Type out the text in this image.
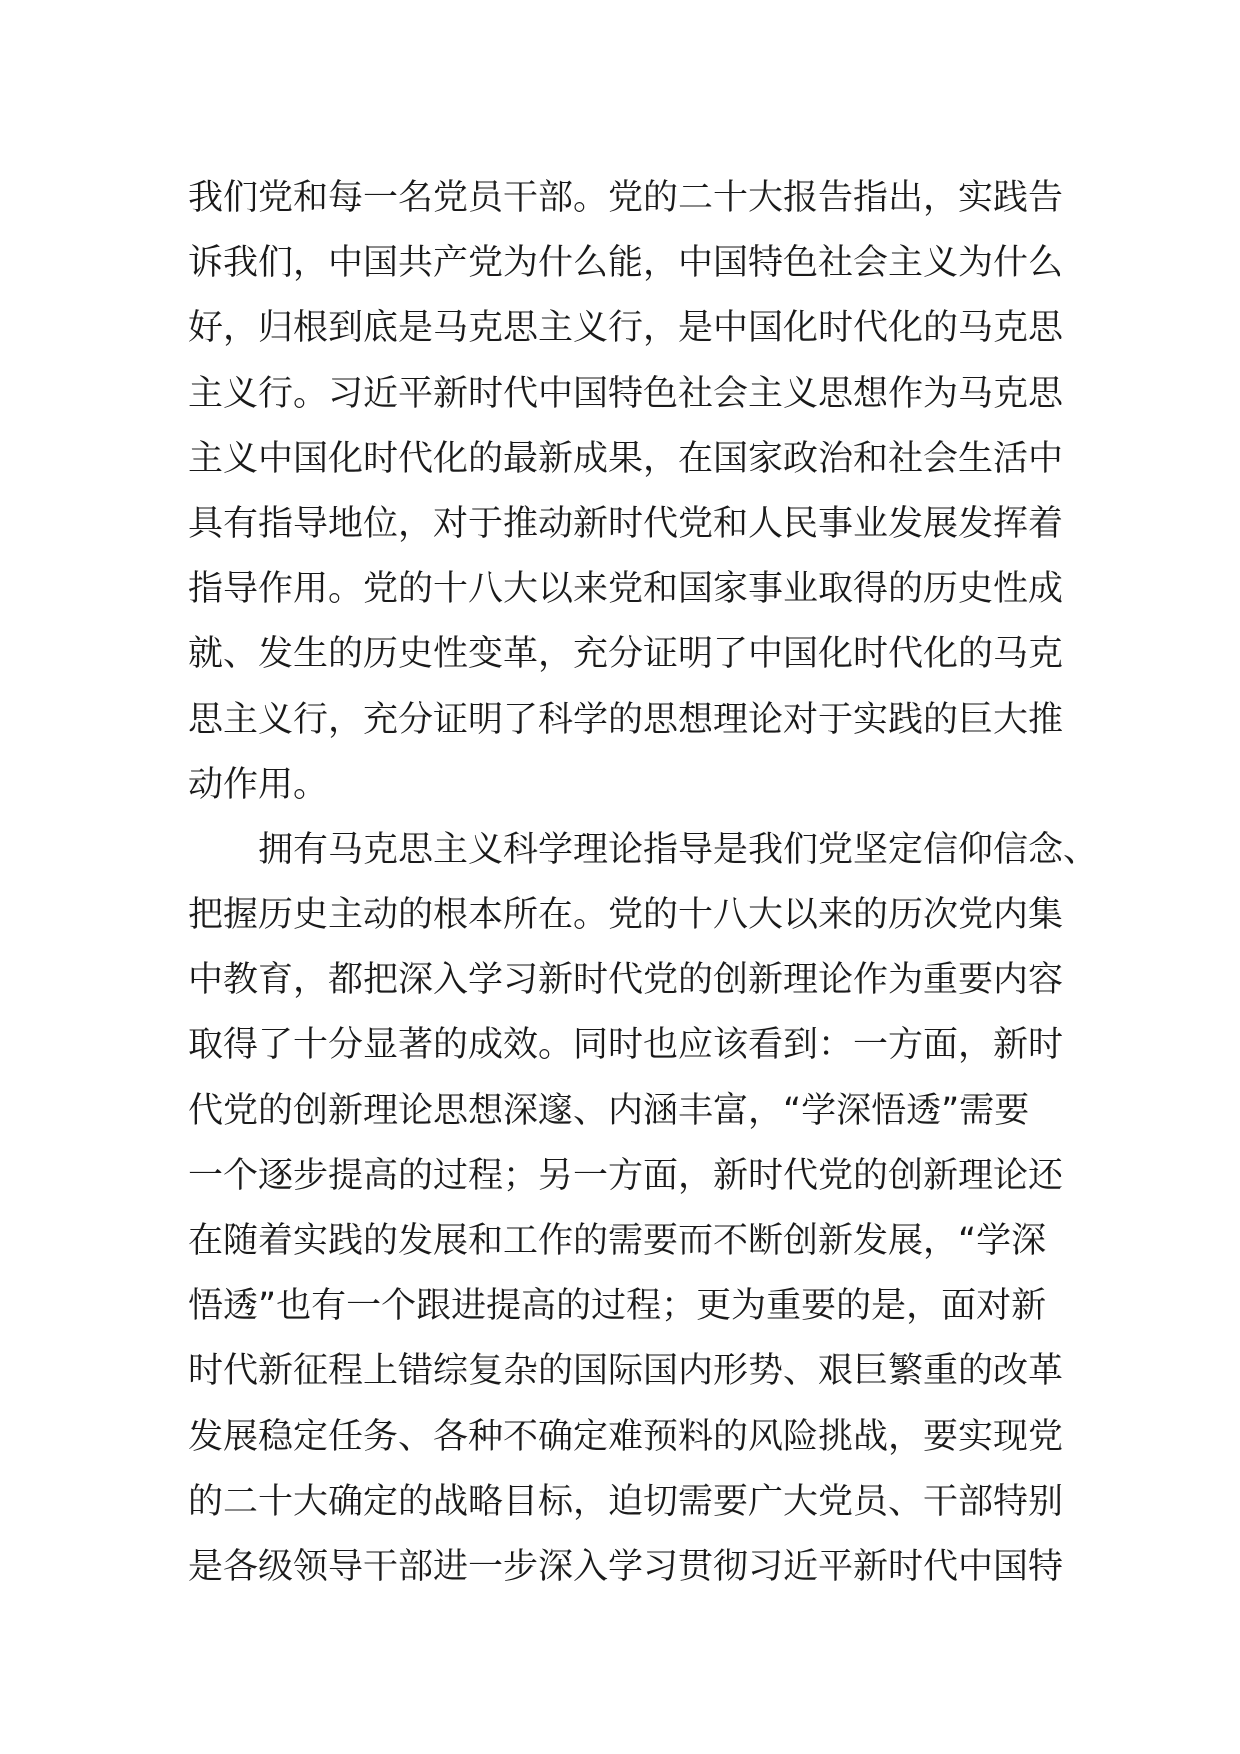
我们党和每一名党员干部。党的二十大报告指出，实践告
诉我们，中国共产党为什么能，中国特色社会主义为什么
好，归根到底是马克思主义行，是中国化时代化的马克思
主义行。习近平新时代中国特色社会主义思想作为马克思
主义中国化时代化的最新成果，在国家政治和社会生活中
具有指导地位，对于推动新时代党和人民事业发展发挥着
指导作用。党的十八大以来党和国家事业取得的历史性成
就、发生的历史性变革，充分证明了中国化时代化的马克
思主义行，充分证明了科学的思想理论对于实践的巨大推
动作用。
拥有马克思主义科学理论指导是我们党坚定信仰信念、
把握历史主动的根本所在。党的十八大以来的历次党内集
中教育，都把深入学习新时代党的创新理论作为重要内容
取得了十分显著的成效。同时也应该看到：一方面，新时
代党的创新理论思想深邃、内涵丰富，“学深悟透”需要
一个逐步提高的过程；另一方面，新时代党的创新理论还
在随着实践的发展和工作的需要而不断创新发展，“学深
悟透”也有一个跟进提高的过程；更为重要的是，面对新
时代新征程上错综复杂的国际国内形势、艰巨繁重的改革
发展稳定任务、各种不确定难预料的风险挑战，要实现党
的二十大确定的战略目标，迫切需要广大党员、干部特别
是各级领导干部进一步深入学习贯彻习近平新时代中国特
